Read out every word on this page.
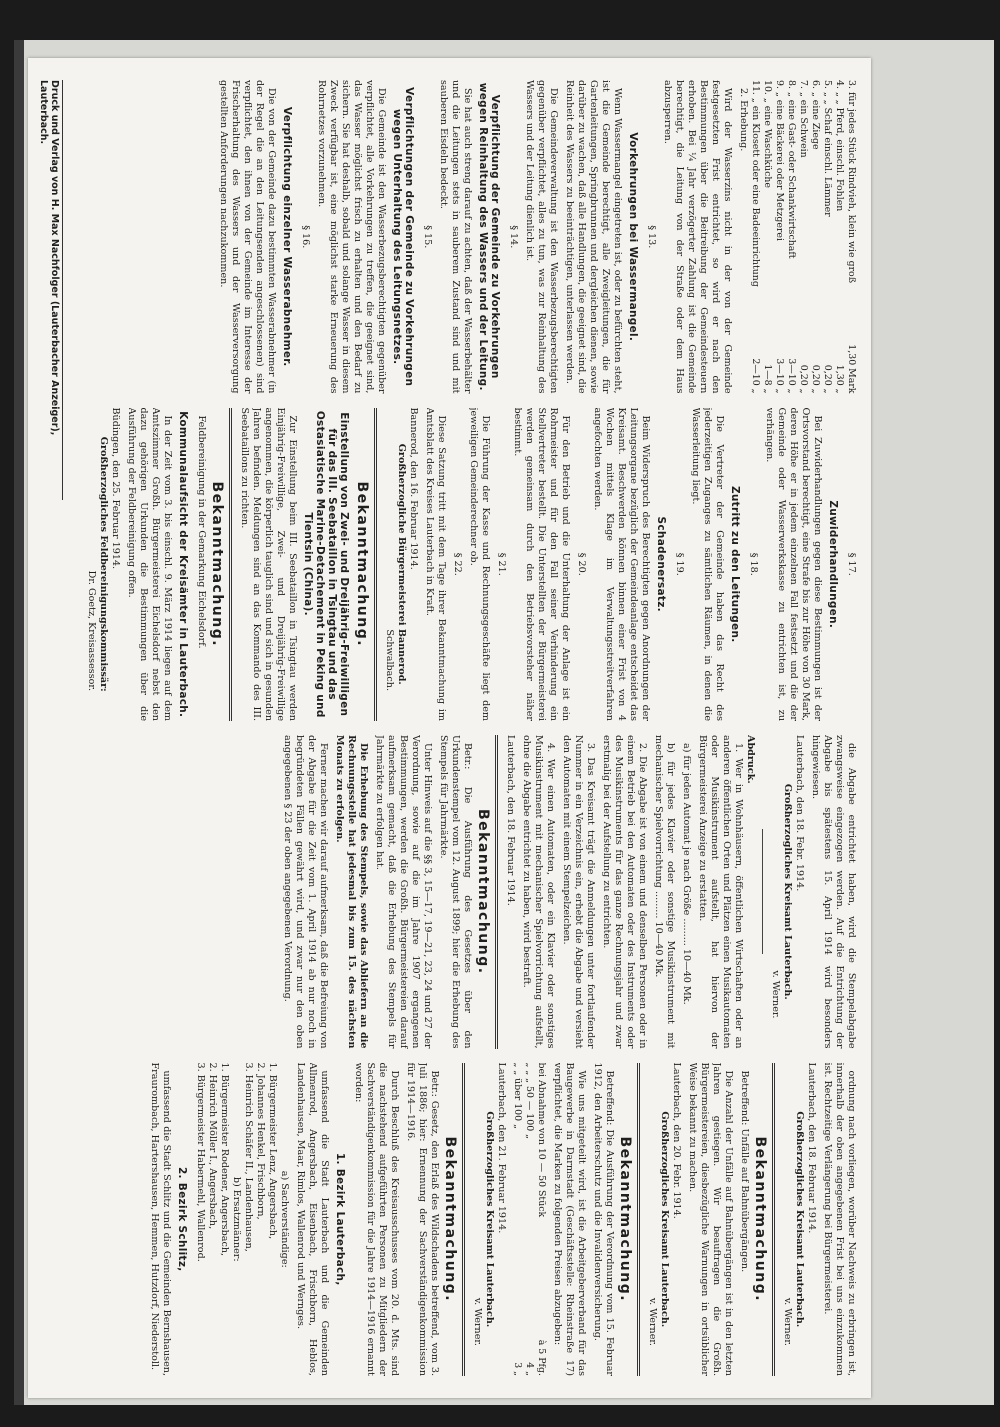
3. für jedes Stück Rindvieh, klein wie groß
1,30 Mark
4. „ „ Pferd, einschl. Fohlen
1,30 „
5. „ „ Schaf einschl. Lämmer
0,20 „
6. „ eine Ziege
0,20 „
7. „ ein Schwein
0,20 „
8. „ eine Gast- oder Schankwirtschaft
3—10 „
9. „ eine Bäckerei oder Metzgerei
3—10 „
10. „ eine Waschküche
1—8 „
11. „ ein Klosett oder eine Badeeinrichtung
2—10 „

2. Erhebung.

Wird der Wasserzins nicht in der von der Gemeinde festgesetzten Frist entrichtet, so wird er nach den Bestimmungen über die Beitreibung der Gemeindesteuern erhoben. Bei ¼ Jahr verzögerter Zahlung ist die Gemeinde berechtigt, die Leitung von der Straße oder dem Haus abzusperren.

§ 13.

Vorkehrungen bei Wassermangel.

Wenn Wassermangel eingetreten ist, oder zu befürchten steht, ist die Gemeinde berechtigt, alle Zweigleitungen, die für Gartenleitungen, Springbrunnen und dergleichen dienen, sowie darüber zu wachen, daß alle Handlungen, die geeignet sind, die Reinheit des Wassers zu beeinträchtigen, unterlassen werden.

Die Gemeindeverwaltung ist den Wasserbezugsberechtigten gegenüber verpflichtet, alles zu tun, was zur Reinhaltung des Wassers und der Leitung dienlich ist.

§ 14.

Verpflichtung der Gemeinde zu Vorkehrungen wegen Reinhaltung des Wassers und der Leitung.

Sie hat auch streng darauf zu achten, daß der Wasserbehälter und die Leitungen stets in sauberem Zustand sind und mit sauberen Eisdeln bedeckt.

§ 15.

Verpflichtungen der Gemeinde zu Vorkehrungen wegen Unterhaltung des Leitungsnetzes.

Die Gemeinde ist den Wasserbezugsberechtigten gegenüber verpflichtet, alle Vorkehrungen zu treffen, die geeignet sind, das Wasser möglichst frisch zu erhalten und den Bedarf zu sichern. Sie hat deshalb, sobald und solange Wasser in diesem Zweck verfügbar ist, eine möglichst starke Erneuerung des Rohrnetzes vorzunehmen.

§ 16.

Verpflichtung einzelner Wasserabnehmer.

Die von der Gemeinde dazu bestimmten Wasserabnehmer (in der Regel die an den Leitungsenden angeschlossenen) sind verpflichtet, den ihnen von der Gemeinde im Interesse der Frischerhaltung des Wassers und der Wasserversorgung gestellten Anforderungen nachzukommen.

§ 17.

Zuwiderhandlungen.

Bei Zuwiderhandlungen gegen diese Bestimmungen ist der Ortsvorstand berechtigt, eine Strafe bis zur Höhe von 30 Mark, deren Höhe er in jedem einzelnen Fall festsetzt und die der Gemeinde oder Wasserwerkskasse zu entrichten ist, zu verhängen.

§ 18.

Zutritt zu den Leitungen.

Die Vertreter der Gemeinde haben das Recht des jederzeitigen Zuganges zu sämtlichen Räumen, in denen die Wasserleitung liegt.

§ 19.

Schadenersatz.

Beim Widerspruch des Berechtigten gegen Anordnungen der Leitungsorgane bezüglich der Gemeindeanlage entscheidet das Kreisamt. Beschwerden können binnen einer Frist von 4 Wochen mittels Klage im Verwaltungsstreitverfahren angefochten werden.

§ 20.

Für den Betrieb und die Unterhaltung der Anlage ist ein Rohrmeister und für den Fall seiner Verhinderung ein Stellvertreter bestellt. Die Unterstellten der Bürgermeisterei werden gemeinsam durch den Betriebsvorsteher näher bestimmt.

§ 21.

Die Führung der Kasse und Rechnungsgeschäfte liegt dem jeweiligen Gemeinderechner ob.

§ 22.

Diese Satzung tritt mit dem Tage ihrer Bekanntmachung im Amtsblatt des Kreises Lauterbach in Kraft.

Bannerod, den 16. Februar 1914.
Großherzogliche Bürgermeisterei Bannerod.
Schwalbach.
Bekanntmachung.
Einstellung von Zwei- und Dreijährig-Freiwilligen für das III. Seebataillon in Tsingtau und das Ostasiatische Marine-Detachement in Peking und Tientsin (China).

Zur Einstellung beim III. Seebataillon in Tsingtau werden Einjährig-Freiwillige, Zwei- und Dreijährig-Freiwillige angenommen, die körperlich tauglich sind und sich in gesunden Jahren befinden. Meldungen sind an das Kommando des III. Seebataillons zu richten.

Bekanntmachung.

Feldbereinigung in der Gemarkung Eichelsdorf.

Kommunalaufsicht der Kreisämter in Lauterbach.

In der Zeit vom 3. bis einschl. 9. März 1914 liegen auf dem Amtszimmer Großh. Bürgermeisterei Eichelsdorf nebst den dazu gehörigen Urkunden die Bestimmungen über die Ausführung der Feldbereinigung offen.

Büdingen, den 25. Februar 1914.
Großherzogliches Feldbereinigungskommissär:
Dr. Goetz, Kreisassessor.

die Abgabe entrichtet haben, wird die Stempelabgabe zwangsweise eingezogen werden. Auf die Entrichtung der Abgabe bis spätestens 15. April 1914 wird besonders hingewiesen.

Lauterbach, den 18. Febr. 1914.
Großherzogliches Kreisamt Lauterbach.
v. Werner.
Abdruck.

1. Wer in Wohnhäusern, öffentlichen Wirtschaften oder an anderen öffentlichen Orten und Plätzen einen Musikautomaten oder Musikinstrument aufstellt, hat hiervon der Bürgermeisterei Anzeige zu erstatten.

a) für jeden Automat je nach Größe ......... 10—40 Mk.

b) für jedes Klavier oder sonstige Musikinstrument mit mechanischer Spielvorrichtung ......... 10—40 Mk.

2. Die Abgabe ist von einem und denselben Personen oder in einem Betrieb bei den Automaten oder des Instruments oder des Musikinstruments für das ganze Rechnungsjahr und zwar erstmalig bei der Aufstellung zu entrichten.

3. Das Kreisamt trägt die Anmeldungen unter fortlaufender Nummer in ein Verzeichnis ein, erhebt die Abgabe und versieht den Automaten mit einem Stempelzeichen.

4. Wer einen Automaten, oder ein Klavier oder sonstiges Musikinstrument mit mechanischer Spielvorrichtung aufstellt, ohne die Abgabe entrichtet zu haben, wird bestraft.

Lauterbach, den 18. Februar 1914.
Bekanntmachung.

Betr.: Die Ausführung des Gesetzes über den Urkundenstempel vom 12. August 1899; hier die Erhebung des Stempels für Jahrmärkte.

Unter Hinweis auf die §§ 3, 15—17, 19—21, 23, 24 und 27 der Verordnung, sowie auf die im Jahre 1907 ergangenen Bestimmungen, werden die Großh. Bürgermeistereien darauf aufmerksam gemacht, daß die Erhebung des Stempels für Jahrmärkte zu erfolgen hat.

Die Erhebung des Stempels, sowie das Abliefern an die Rechnungsstelle hat jedesmal bis zum 15. des nächsten Monats zu erfolgen.

Ferner machen wir darauf aufmerksam, daß die Befreiung von der Abgabe für die Zeit vom 1. April 1914 ab nur noch in begründeten Fällen gewährt wird, und zwar nur den oben angegebenen § 23 der oben angegebenen Verordnung.

ordnung nach vorliegen, worüber Nachweis zu erbringen ist, innerhalb der oben angegebenen Frist bei uns einzukommen ist. Rechtzeitige Verlängerung bei Bürgermeisterei.

Lauterbach, den 18. Februar 1914.
Großherzogliches Kreisamt Lauterbach.
v. Werner.
Bekanntmachung.

Betreffend: Unfälle auf Bahnübergängen.

Die Anzahl der Unfälle auf Bahnübergängen ist in den letzten Jahren gestiegen. Wir beauftragen die Großh. Bürgermeistereien, diesbezügliche Warnungen in ortsüblicher Weise bekannt zu machen.

Lauterbach, den 20. Febr. 1914.
Großherzogliches Kreisamt Lauterbach.
v. Werner.
Bekanntmachung.

Betreffend: Die Ausführung der Verordnung vom 15. Februar 1912, den Arbeiterschutz und die Invalidenversicherung.

Wie uns mitgeteilt wird, ist die Arbeitgeberverband für das Baugewerbe in Darmstadt (Geschäftsstelle: Rheinstraße 17) verpflichtet, die Marken zu folgenden Preisen abzugeben:

bei Abnahme von 10 — 50 Stück
à 5 Pfg.
„ „ „ 50 — 100 „
4 „
„ „ über 100 „
3 „
Lauterbach, den 21. Februar 1914.
Großherzogliches Kreisamt Lauterbach.
v. Werner.
Bekanntmachung.

Betr.: Gesetz, den Erlaß des Wildschadens betreffend, vom 3. Juli 1886; hier: Ernennung der Sachverständigenkommission für 1914—1916.

Durch Beschluß des Kreisausschusses vom 20. d. Mts. sind die nachstehend aufgeführten Personen zu Mitgliedern der Sachverständigenkommission für die Jahre 1914—1916 ernannt worden:

1. Bezirk Lauterbach,

umfassend die Stadt Lauterbach und die Gemeinden Allmenrod, Angersbach, Eisenbach, Frischborn, Heblos, Landenhausen, Maar, Rimlos, Wallenrod und Wernges.

a) Sachverständige:
1. Bürgermeister Lenz, Angersbach,
2. Johannes Henkel, Frischborn,
3. Heinrich Schäfer II., Landenhausen,
b) Ersatzmänner:
1. Bürgermeister Rodener, Angersbach,
2. Heinrich Möller I., Angersbach,
3. Bürgermeister Habermehl, Wallenrod.
2. Bezirk Schlitz,

umfassend die Stadt Schlitz und die Gemeinden Bernshausen, Fraurombach, Hartershausen, Hemmen, Hutzdorf, Niederstoll.

Druck und Verlag von H. Max Nachfolger (Lauterbacher Anzeiger), Lauterbach.
